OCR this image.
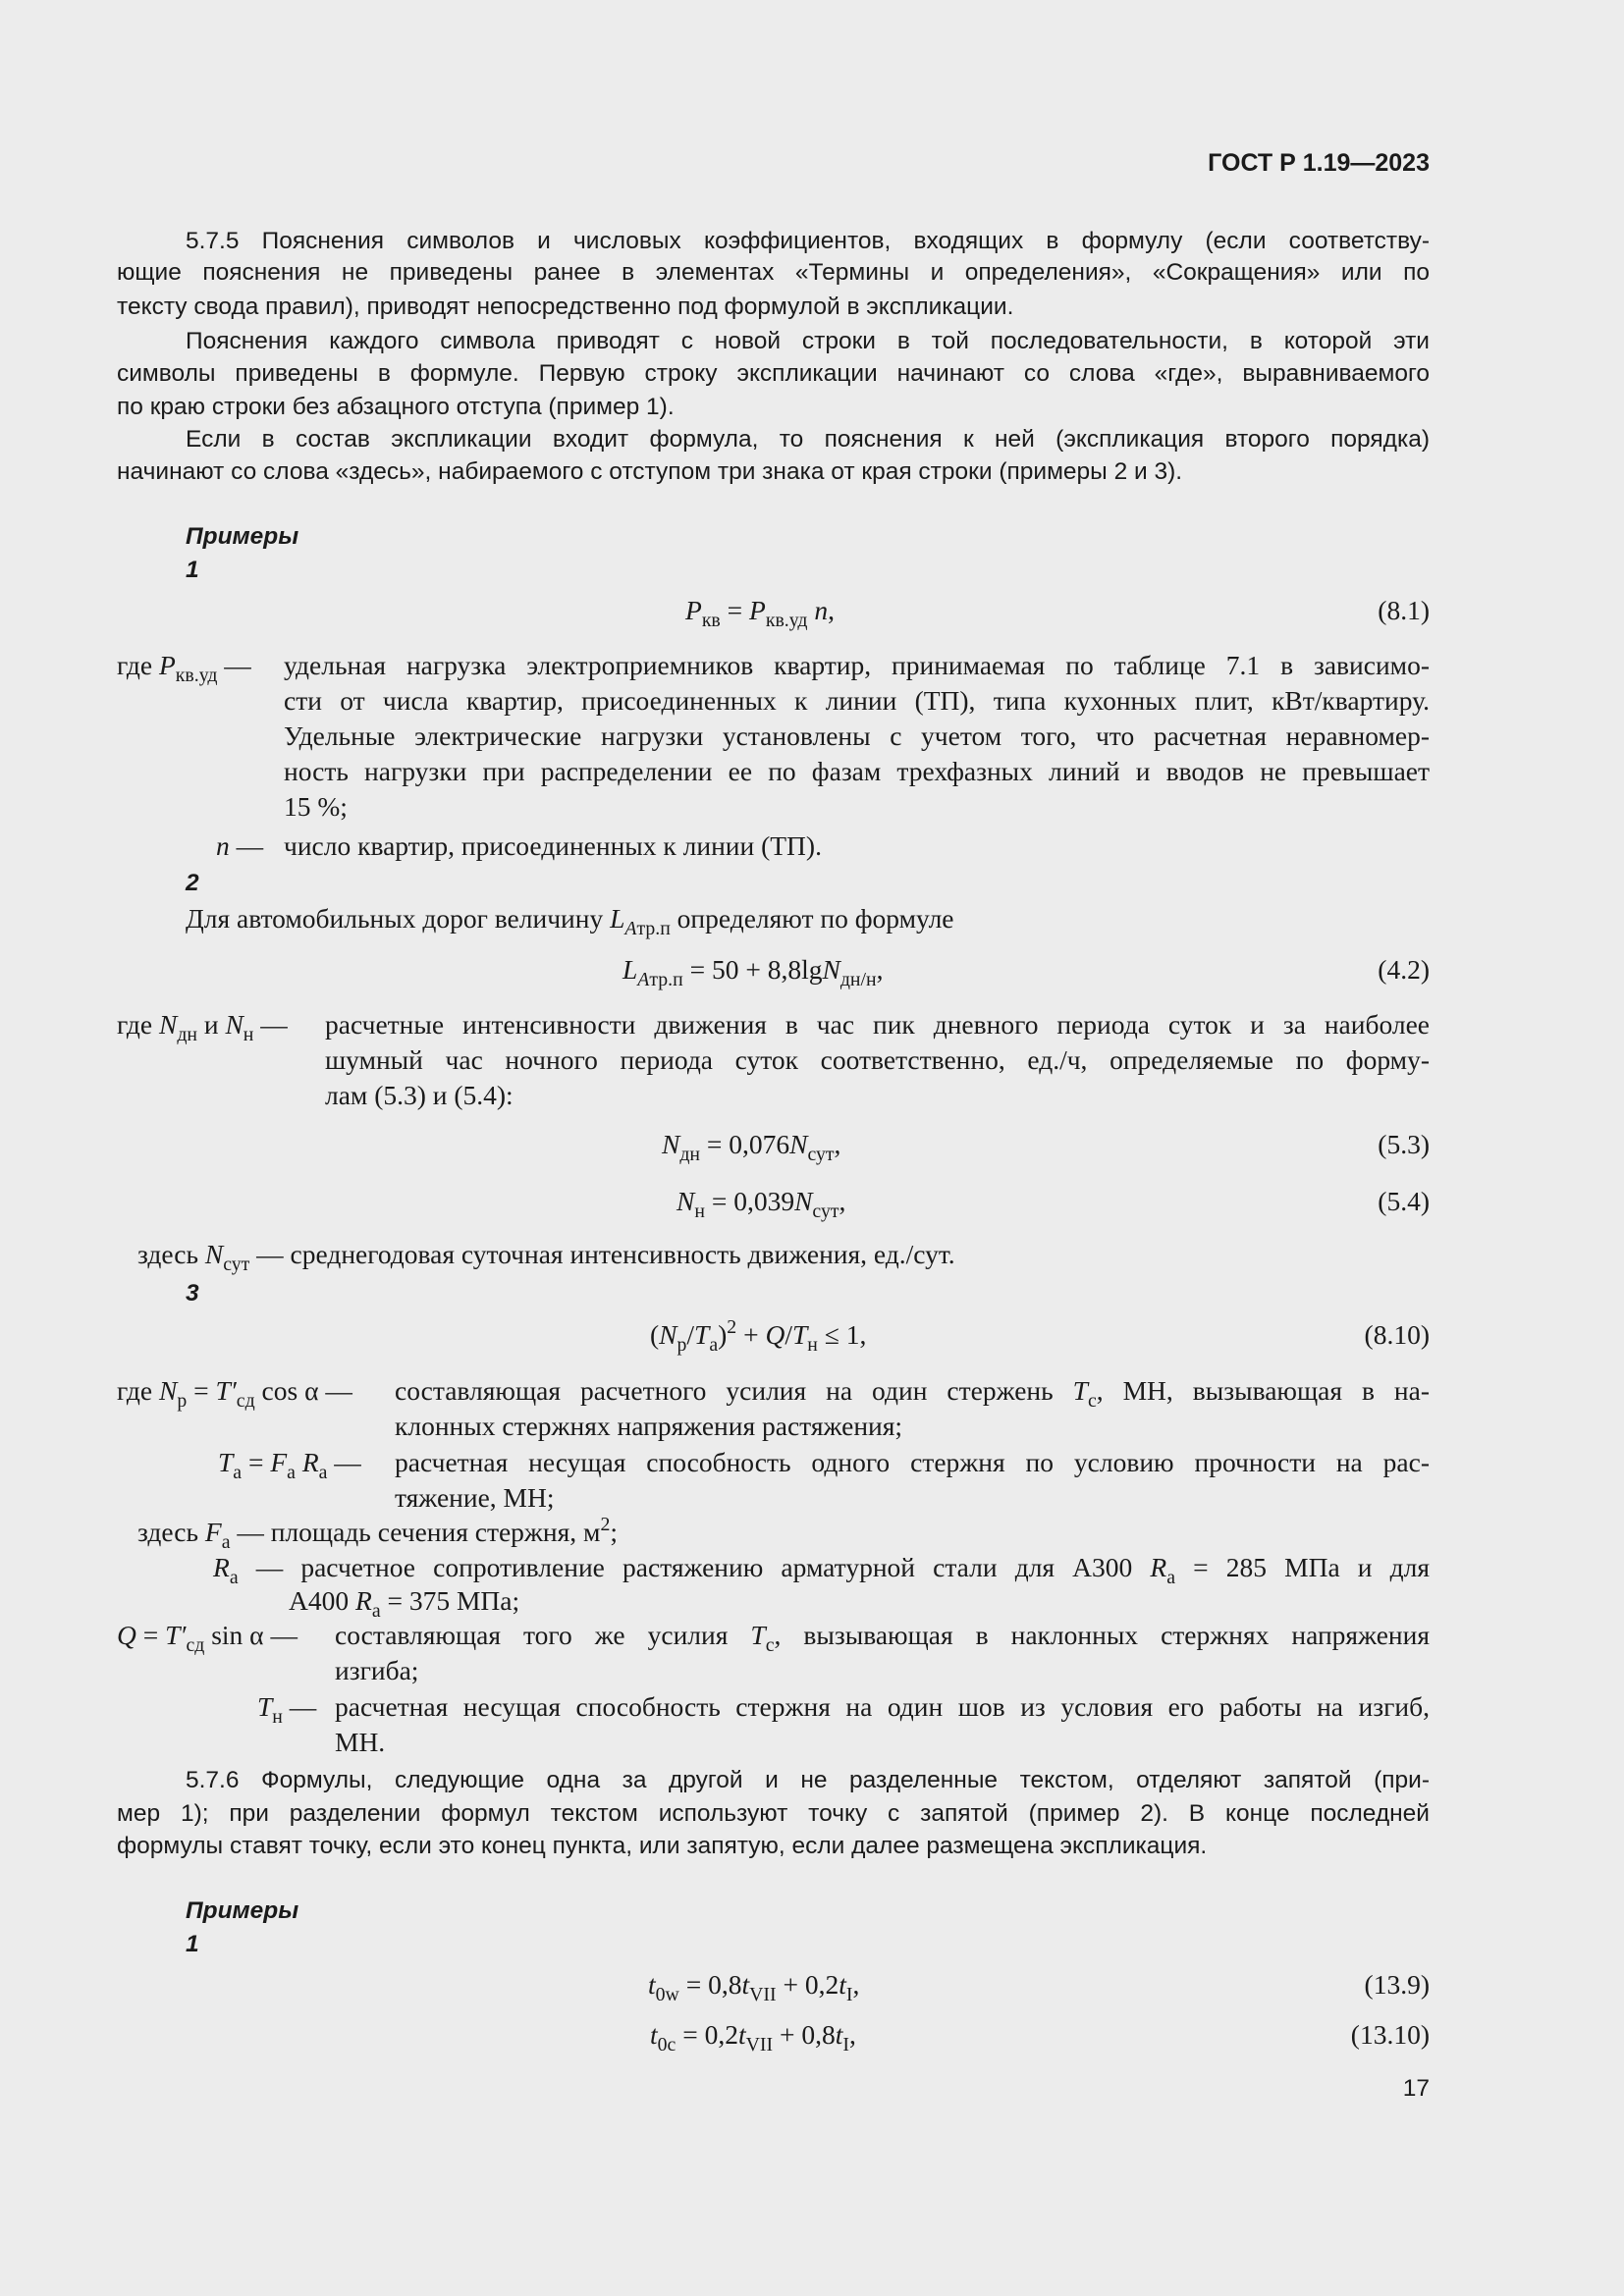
ГОСТ Р 1.19—2023
5.7.5 Пояснения символов и числовых коэффициентов, входящих в формулу (если соответству-
ющие пояснения не приведены ранее в элементах «Термины и определения», «Сокращения» или по
тексту свода правил), приводят непосредственно под формулой в экспликации.
Пояснения каждого символа приводят с новой строки в той последовательности, в которой эти
символы приведены в формуле. Первую строку экспликации начинают со слова «где», выравниваемого
по краю строки без абзацного отступа (пример 1).
Если в состав экспликации входит формула, то пояснения к ней (экспликация второго порядка)
начинают со слова «здесь», набираемого с отступом три знака от края строки (примеры 2 и 3).
Примеры
1
$P_{кв} = P_{кв.уд}$ n,	(8.1)
где $P_{кв.уд}$ — удельная нагрузка электроприемников квартир, принимаемая по таблице 7.1 в зависимо-
сти от числа квартир, присоединенных к линии (ТП), типа кухонных плит, кВт/квартиру.
Удельные электрические нагрузки установлены с учетом того, что расчетная неравномер-
ность нагрузки при распределении ее по фазам трехфазных линий и вводов не превышает
15 %;
n — число квартир, присоединенных к линии (ТП).
2
Для автомобильных дорог величину $L_{Aтр.п}$ определяют по формуле
$L_{Aтр.п} = 50 + 8,8\lg N_{дн/н}$,	(4.2)
где $N_{дн}$ и $N_н$ — расчетные интенсивности движения в час пик дневного периода суток и за наиболее
шумный час ночного периода суток соответственно, ед./ч, определяемые по форму-
лам (5.3) и (5.4):
$N_{дн} = 0,076N_{сут}$,	(5.3)
$N_н = 0,039N_{сут}$,	(5.4)
здесь $N_{сут}$ — среднегодовая суточная интенсивность движения, ед./сут.
3
$(N_р/T_а)^2 + Q/T_н \le 1$,	(8.10)
где $N_р = T'_{сд}$ cos α — составляющая расчетного усилия на один стержень $T_с$, МН, вызывающая в на-
клонных стержнях напряжения растяжения;
$T_а = F_а$ $R_а$ — расчетная несущая способность одного стержня по условию прочности на рас-
тяжение, МН;
здесь $F_а$ — площадь сечения стержня, $м^2$;
$R_а$ — расчетное сопротивление растяжению арматурной стали для А300 $R_а = 285$ МПа и для
А400 $R_а = 375$ МПа;
$Q = T'_{сд}$ sin α — составляющая того же усилия $T_с$, вызывающая в наклонных стержнях напряжения
изгиба;
$T_н$ — расчетная несущая способность стержня на один шов из условия его работы на изгиб,
МН.
5.7.6 Формулы, следующие одна за другой и не разделенные текстом, отделяют запятой (при-
мер 1); при разделении формул текстом используют точку с запятой (пример 2). В конце последней
формулы ставят точку, если это конец пункта, или запятую, если далее размещена экспликация.
Примеры
1
$t_{0w} = 0,8t_{VII} + 0,2t_I$,	(13.9)
$t_{0c} = 0,2t_{VII} + 0,8t_I$,	(13.10)
17
